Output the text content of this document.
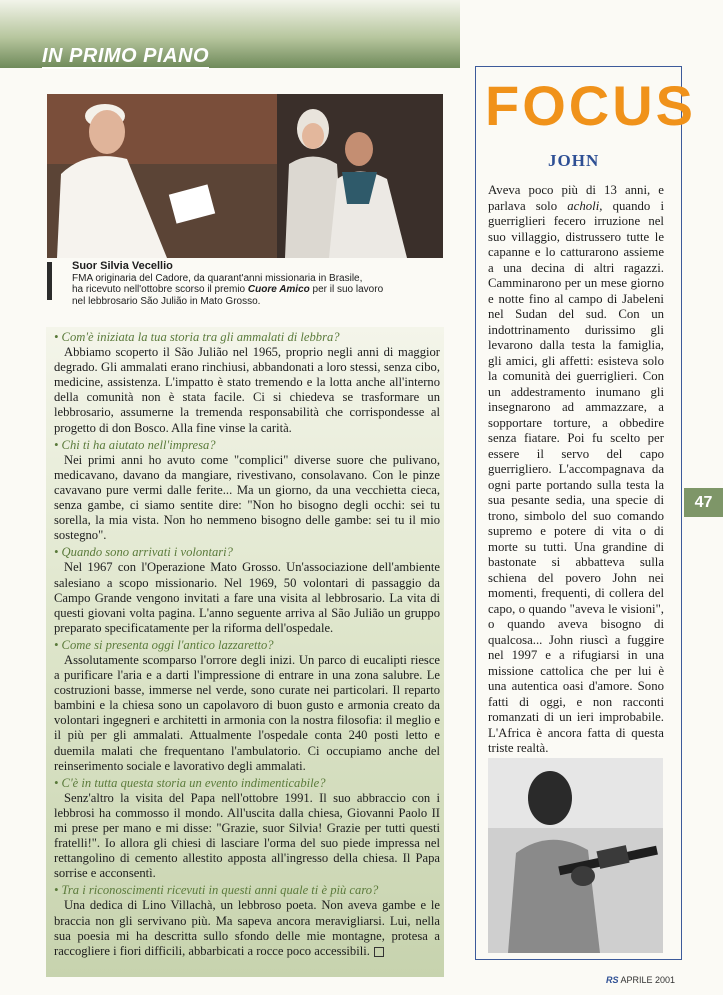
IN PRIMO PIANO
Suor Silvia Vecellio
FMA originaria del Cadore, da quarant'anni missionaria in Brasile,
ha ricevuto nell'ottobre scorso il premio Cuore Amico per il suo lavoro
nel lebbrosario São Julião in Mato Grosso.

• Com'è iniziata la tua storia tra gli ammalati di lebbra?

Abbiamo scoperto il São Julião nel 1965, proprio negli anni di maggior degrado. Gli ammalati erano rinchiusi, abbandonati a loro stessi, senza cibo, medicine, assistenza. L'impatto è stato tremendo e la lotta anche all'interno della comunità non è stata facile. Ci si chiedeva se trasformare un lebbrosario, assumerne la tremenda responsabilità che corrispondesse al progetto di don Bosco. Alla fine vinse la carità.

• Chi ti ha aiutato nell'impresa?

Nei primi anni ho avuto come "complici" diverse suore che pulivano, medicavano, davano da mangiare, rivestivano, consolavano. Con le pinze cavavano pure vermi dalle ferite... Ma un giorno, da una vecchietta cieca, senza gambe, ci siamo sentite dire: "Non ho bisogno degli occhi: sei tu sorella, la mia vista. Non ho nemmeno bisogno delle gambe: sei tu il mio sostegno".

• Quando sono arrivati i volontari?

Nel 1967 con l'Operazione Mato Grosso. Un'associazione dell'ambiente salesiano a scopo missionario. Nel 1969, 50 volontari di passaggio da Campo Grande vengono invitati a fare una visita al lebbrosario. La vita di questi giovani volta pagina. L'anno seguente arriva al São Julião un gruppo preparato specificatamente per la riforma dell'ospedale.

• Come si presenta oggi l'antico lazzaretto?

Assolutamente scomparso l'orrore degli inizi. Un parco di eucalipti riesce a purificare l'aria e a darti l'impressione di entrare in una zona salubre. Le costruzioni basse, immerse nel verde, sono curate nei particolari. Il reparto bambini e la chiesa sono un capolavoro di buon gusto e armonia creato da volontari ingegneri e architetti in armonia con la nostra filosofia: il meglio e il più per gli ammalati. Attualmente l'ospedale conta 240 posti letto e duemila malati che frequentano l'ambulatorio. Ci occupiamo anche del reinserimento sociale e lavorativo degli ammalati.

• C'è in tutta questa storia un evento indimenticabile?

Senz'altro la visita del Papa nell'ottobre 1991. Il suo abbraccio con i lebbrosi ha commosso il mondo. All'uscita dalla chiesa, Giovanni Paolo II mi prese per mano e mi disse: "Grazie, suor Silvia! Grazie per tutti questi fratelli!". Io allora gli chiesi di lasciare l'orma del suo piede impressa nel rettangolino di cemento allestito apposta all'ingresso della chiesa. Il Papa sorrise e acconsentì.

• Tra i riconoscimenti ricevuti in questi anni quale ti è più caro?

Una dedica di Lino Villachà, un lebbroso poeta. Non aveva gambe e le braccia non gli servivano più. Ma sapeva ancora meravigliarsi. Lui, nella sua poesia mi ha descritta sullo sfondo delle mie montagne, protesa a raccogliere i fiori difficili, abbarbicati a rocce poco accessibili.

FOCUS
JOHN
Aveva poco più di 13 anni, e parlava solo acholi, quando i guerriglieri fecero irruzione nel suo villaggio, distrussero tutte le capanne e lo catturarono assieme a una decina di altri ragazzi. Camminarono per un mese giorno e notte fino al campo di Jabeleni nel Sudan del sud. Con un indottrinamento durissimo gli levarono dalla testa la famiglia, gli amici, gli affetti: esisteva solo la comunità dei guerriglieri. Con un addestramento inumano gli insegnarono ad ammazzare, a sopportare torture, a obbedire senza fiatare. Poi fu scelto per essere il servo del capo guerrigliero. L'accompagnava da ogni parte portando sulla testa la sua pesante sedia, una specie di trono, simbolo del suo comando supremo e potere di vita o di morte su tutti. Una grandine di bastonate si abbatteva sulla schiena del povero John nei momenti, frequenti, di collera del capo, o quando "aveva le visioni", o quando aveva bisogno di qualcosa... John riuscì a fuggire nel 1997 e a rifugiarsi in una missione cattolica che per lui è una autentica oasi d'amore. Sono fatti di oggi, e non racconti romanzati di un ieri improbabile. L'Africa è ancora fatta di questa triste realtà.
47
RS APRILE 2001
